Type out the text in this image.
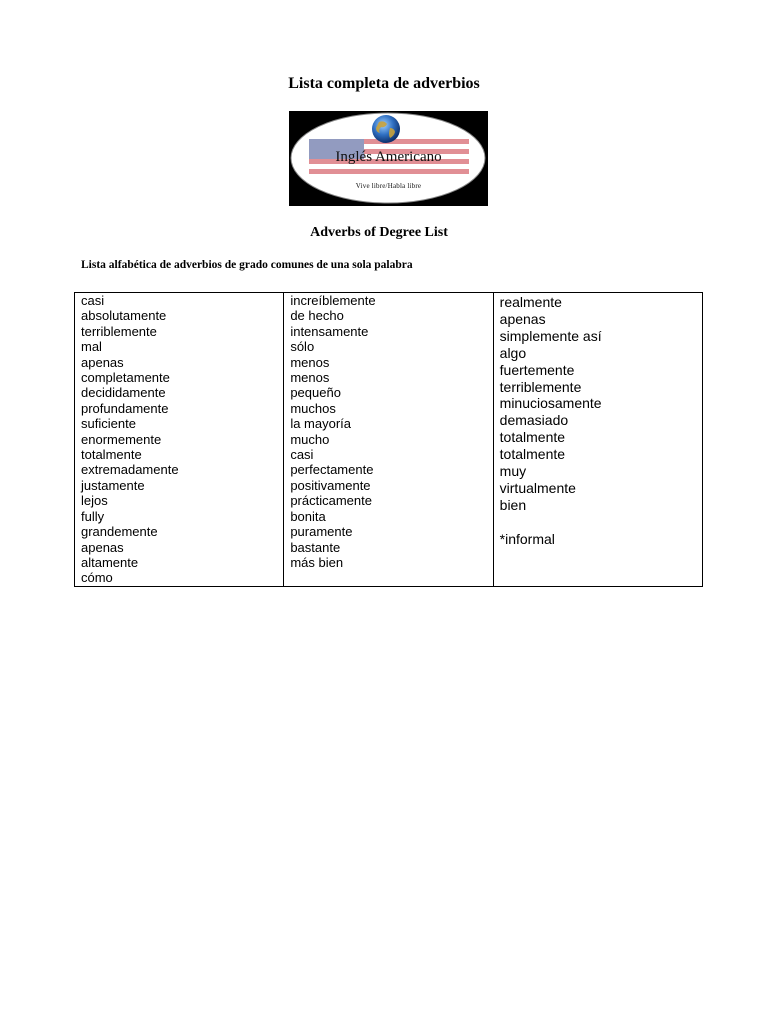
Lista completa de adverbios
Inglés Americano
Vive libre/Habla libre
Adverbs of Degree List
Lista alfabética de adverbios de grado comunes de una sola palabra
casi
absolutamente
terriblemente
mal
apenas
completamente
decididamente
profundamente
suficiente
enormemente
totalmente
extremadamente
justamente
lejos
fully
grandemente
apenas
altamente
cómo
increíblemente
de hecho
intensamente
sólo
menos
menos
pequeño
muchos
la mayoría
mucho
casi
perfectamente
positivamente
prácticamente
bonita
puramente
bastante
más bien
realmente
apenas
simplemente así
algo
fuertemente
terriblemente
minuciosamente
demasiado
totalmente
totalmente
muy
virtualmente
bien
*informal
